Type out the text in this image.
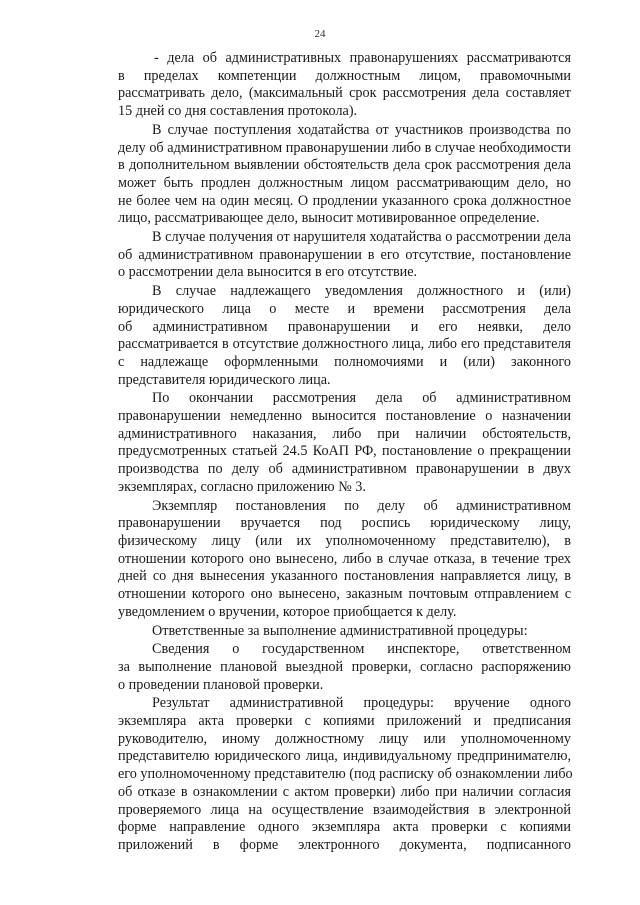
24
- дела об административных правонарушениях рассматриваются
в пределах компетенции должностным лицом, правомочными
рассматривать дело, (максимальный срок рассмотрения дела составляет
15 дней со дня составления протокола).
В случае поступления ходатайства от участников производства по
делу об административном правонарушении либо в случае необходимости
в дополнительном выявлении обстоятельств дела срок рассмотрения дела
может быть продлен должностным лицом рассматривающим дело, но
не более чем на один месяц. О продлении указанного срока должностное
лицо, рассматривающее дело, выносит мотивированное определение.
В случае получения от нарушителя ходатайства о рассмотрении дела
об административном правонарушении в его отсутствие, постановление
о рассмотрении дела выносится в его отсутствие.
В случае надлежащего уведомления должностного и (или)
юридического лица о месте и времени рассмотрения дела
об административном правонарушении и его неявки, дело
рассматривается в отсутствие должностного лица, либо его представителя
с надлежаще оформленными полномочиями и (или) законного
представителя юридического лица.
По окончании рассмотрения дела об административном
правонарушении немедленно выносится постановление о назначении
административного наказания, либо при наличии обстоятельств,
предусмотренных статьей 24.5 КоАП РФ, постановление о прекращении
производства по делу об административном правонарушении в двух
экземплярах, согласно приложению № 3.
Экземпляр постановления по делу об административном
правонарушении вручается под роспись юридическому лицу,
физическому лицу (или их уполномоченному представителю), в
отношении которого оно вынесено, либо в случае отказа, в течение трех
дней со дня вынесения указанного постановления направляется лицу, в
отношении которого оно вынесено, заказным почтовым отправлением с
уведомлением о вручении, которое приобщается к делу.
Ответственные за выполнение административной процедуры:
Сведения о государственном инспекторе, ответственном
за выполнение плановой выездной проверки, согласно распоряжению
о проведении плановой проверки.
Результат административной процедуры: вручение одного
экземпляра акта проверки с копиями приложений и предписания
руководителю, иному должностному лицу или уполномоченному
представителю юридического лица, индивидуальному предпринимателю,
его уполномоченному представителю (под расписку об ознакомлении либо
об отказе в ознакомлении с актом проверки) либо при наличии согласия
проверяемого лица на осуществление взаимодействия в электронной
форме направление одного экземпляра акта проверки с копиями
приложений в форме электронного документа, подписанного
